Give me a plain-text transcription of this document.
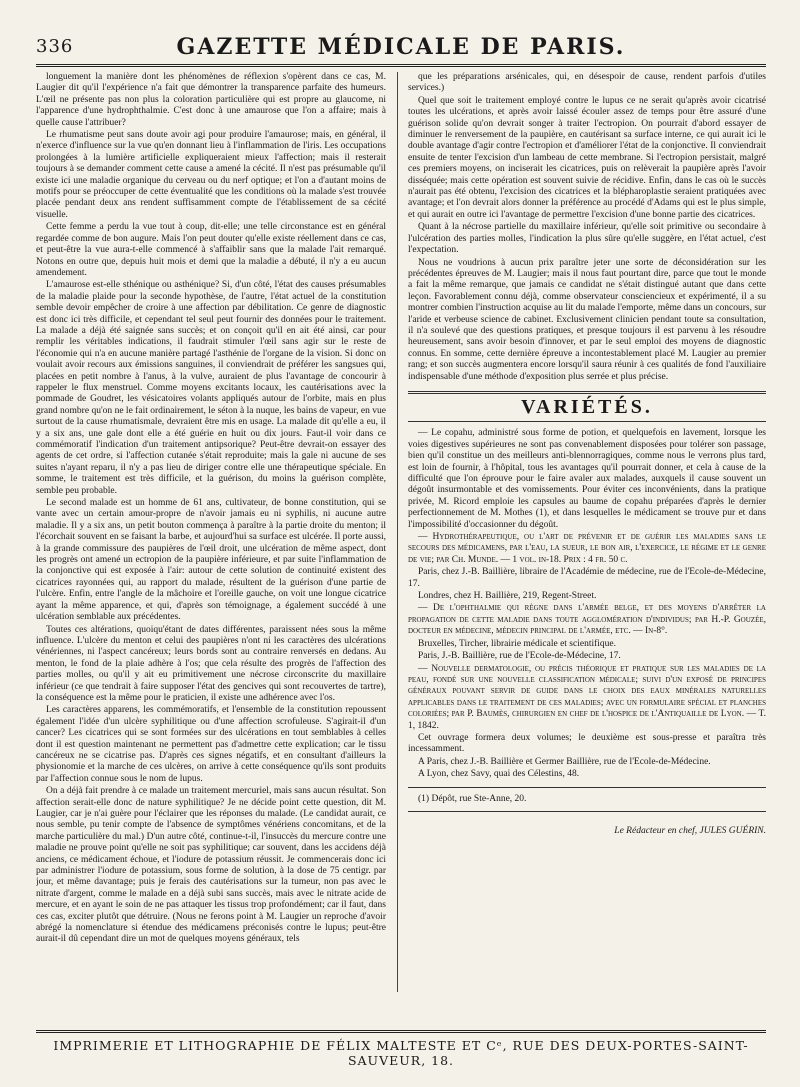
336	GAZETTE MÉDICALE DE PARIS.

longuement la manière dont les phénomènes de réflexion s'opèrent dans ce cas, M. Laugier dit qu'il l'expérience n'a fait que démontrer la transparence parfaite des humeurs. L'œil ne présente pas non plus la coloration particulière qui est propre au glaucome, ni l'apparence d'une hydrophthalmie. C'est donc à une amaurose que l'on a affaire; mais à quelle cause l'attribuer?

Le rhumatisme peut sans doute avoir agi pour produire l'amaurose; mais, en général, il n'exerce d'influence sur la vue qu'en donnant lieu à l'inflammation de l'iris. Les occupations prolongées à la lumière artificielle expliqueraient mieux l'affection; mais il resterait toujours à se demander comment cette cause a amené la cécité. Il n'est pas présumable qu'il existe ici une maladie organique du cerveau ou du nerf optique; et l'on a d'autant moins de motifs pour se préoccuper de cette éventualité que les conditions où la malade s'est trouvée placée pendant deux ans rendent suffisamment compte de l'établissement de sa cécité visuelle.

Cette femme a perdu la vue tout à coup, dit-elle; une telle circonstance est en général regardée comme de bon augure. Mais l'on peut douter qu'elle existe réellement dans ce cas, et peut-être la vue aura-t-elle commencé à s'affaiblir sans que la malade l'ait remarqué. Notons en outre que, depuis huit mois et demi que la maladie a débuté, il n'y a eu aucun amendement.

L'amaurose est-elle sthénique ou asthénique? Si, d'un côté, l'état des causes présumables de la maladie plaide pour la seconde hypothèse, de l'autre, l'état actuel de la constitution semble devoir empêcher de croire à une affection par débilitation. Ce genre de diagnostic est donc ici très difficile, et cependant tel seul peut fournir des données pour le traitement. La malade a déjà été saignée sans succès; et on conçoit qu'il en ait été ainsi, car pour remplir les véritables indications, il faudrait stimuler l'œil sans agir sur le reste de l'économie qui n'a en aucune manière partagé l'asthénie de l'organe de la vision. Si donc on voulait avoir recours aux émissions sanguines, il conviendrait de préférer les sangsues qui, placées en petit nombre à l'anus, à la vulve, auraient de plus l'avantage de concourir à rappeler le flux menstruel. Comme moyens excitants locaux, les cautérisations avec la pommade de Goudret, les vésicatoires volants appliqués autour de l'orbite, mais en plus grand nombre qu'on ne le fait ordinairement, le séton à la nuque, les bains de vapeur, en vue surtout de la cause rhumatismale, devraient être mis en usage. La malade dit qu'elle a eu, il y a six ans, une gale dont elle a été guérie en huit ou dix jours. Faut-il voir dans ce commémoratif l'indication d'un traitement antipsorique? Peut-être devrait-on essayer des agents de cet ordre, si l'affection cutanée s'était reproduite; mais la gale ni aucune de ses suites n'ayant reparu, il n'y a pas lieu de diriger contre elle une thérapeutique spéciale. En somme, le traitement est très difficile, et la guérison, du moins la guérison complète, semble peu probable.

Le second malade est un homme de 61 ans, cultivateur, de bonne constitution, qui se vante avec un certain amour-propre de n'avoir jamais eu ni syphilis, ni aucune autre maladie. Il y a six ans, un petit bouton commença à paraître à la partie droite du menton; il l'écorchait souvent en se faisant la barbe, et aujourd'hui sa surface est ulcérée. Il porte aussi, à la grande commissure des paupières de l'œil droit, une ulcération de même aspect, dont les progrès ont amené un ectropion de la paupière inférieure, et par suite l'inflammation de la conjonctive qui est exposée à l'air: autour de cette solution de continuité existent des cicatrices rayonnées qui, au rapport du malade, résultent de la guérison d'une partie de l'ulcère. Enfin, entre l'angle de la mâchoire et l'oreille gauche, on voit une longue cicatrice ayant la même apparence, et qui, d'après son témoignage, a également succédé à une ulcération semblable aux précédentes.

Toutes ces altérations, quoiqu'étant de dates différentes, paraissent nées sous la même influence. L'ulcère du menton et celui des paupières n'ont ni les caractères des ulcérations vénériennes, ni l'aspect cancéreux; leurs bords sont au contraire renversés en dedans. Au menton, le fond de la plaie adhère à l'os; que cela résulte des progrès de l'affection des parties molles, ou qu'il y ait eu primitivement une nécrose circonscrite du maxillaire inférieur (ce que tendrait à faire supposer l'état des gencives qui sont recouvertes de tartre), la conséquence est la même pour le praticien, il existe une adhérence avec l'os.

Les caractères apparens, les commémoratifs, et l'ensemble de la constitution repoussent également l'idée d'un ulcère syphilitique ou d'une affection scrofuleuse. S'agirait-il d'un cancer? Les cicatrices qui se sont formées sur des ulcérations en tout semblables à celles dont il est question maintenant ne permettent pas d'admettre cette explication; car le tissu cancéreux ne se cicatrise pas. D'après ces signes négatifs, et en consultant d'ailleurs la physionomie et la marche de ces ulcères, on arrive à cette conséquence qu'ils sont produits par l'affection connue sous le nom de lupus.

On a déjà fait prendre à ce malade un traitement mercuriel, mais sans aucun résultat. Son affection serait-elle donc de nature syphilitique? Je ne décide point cette question, dit M. Laugier, car je n'ai guère pour l'éclairer que les réponses du malade. (Le candidat aurait, ce nous semble, pu tenir compte de l'absence de symptômes vénériens concomitans, et de la marche particulière du mal.) D'un autre côté, continue-t-il, l'insuccès du mercure contre une maladie ne prouve point qu'elle ne soit pas syphilitique; car souvent, dans les accidens déjà anciens, ce médicament échoue, et l'iodure de potassium réussit. Je commencerais donc ici par administrer l'iodure de potassium, sous forme de solution, à la dose de 75 centigr. par jour, et même davantage; puis je ferais des cautérisations sur la tumeur, non pas avec le nitrate d'argent, comme le malade en a déjà subi sans succès, mais avec le nitrate acide de mercure, et en ayant le soin de ne pas attaquer les tissus trop profondément; car il faut, dans ces cas, exciter plutôt que détruire. (Nous ne ferons point à M. Laugier un reproche d'avoir abrégé la nomenclature si étendue des médicamens préconisés contre le lupus; peut-être aurait-il dû cependant dire un mot de quelques moyens généraux, tels

que les préparations arsénicales, qui, en désespoir de cause, rendent parfois d'utiles services.)

Quel que soit le traitement employé contre le lupus ce ne serait qu'après avoir cicatrisé toutes les ulcérations, et après avoir laissé écouler assez de temps pour être assuré d'une guérison solide qu'on devrait songer à traiter l'ectropion. On pourrait d'abord essayer de diminuer le renversement de la paupière, en cautérisant sa surface interne, ce qui aurait ici le double avantage d'agir contre l'ectropion et d'améliorer l'état de la conjonctive. Il conviendrait ensuite de tenter l'excision d'un lambeau de cette membrane. Si l'ectropion persistait, malgré ces premiers moyens, on inciserait les cicatrices, puis on relèverait la paupière après l'avoir disséquée; mais cette opération est souvent suivie de récidive. Enfin, dans le cas où le succès n'aurait pas été obtenu, l'excision des cicatrices et la blépharoplastie seraient pratiquées avec avantage; et l'on devrait alors donner la préférence au procédé d'Adams qui est le plus simple, et qui aurait en outre ici l'avantage de permettre l'excision d'une bonne partie des cicatrices.

Quant à la nécrose partielle du maxillaire inférieur, qu'elle soit primitive ou secondaire à l'ulcération des parties molles, l'indication la plus sûre qu'elle suggère, en l'état actuel, c'est l'expectation.

Nous ne voudrions à aucun prix paraître jeter une sorte de déconsidération sur les précédentes épreuves de M. Laugier; mais il nous faut pourtant dire, parce que tout le monde a fait la même remarque, que jamais ce candidat ne s'était distingué autant que dans cette leçon. Favorablement connu déjà, comme observateur consciencieux et expérimenté, il a su montrer combien l'instruction acquise au lit du malade l'emporte, même dans un concours, sur l'aride et verbeuse science de cabinet. Exclusivement clinicien pendant toute sa consultation, il n'a soulevé que des questions pratiques, et presque toujours il est parvenu à les résoudre heureusement, sans avoir besoin d'innover, et par le seul emploi des moyens de diagnostic connus. En somme, cette dernière épreuve a incontestablement placé M. Laugier au premier rang; et son succès augmentera encore lorsqu'il saura réunir à ces qualités de fond l'auxiliaire indispensable d'une méthode d'exposition plus serrée et plus précise.

VARIÉTÉS.

— Le copahu, administré sous forme de potion, et quelquefois en lavement, lorsque les voies digestives supérieures ne sont pas convenablement disposées pour tolérer son passage, bien qu'il constitue un des meilleurs anti-blennorragiques, comme nous le verrons plus tard, est loin de fournir, à l'hôpital, tous les avantages qu'il pourrait donner, et cela à cause de la difficulté que l'on éprouve pour le faire avaler aux malades, auxquels il cause souvent un dégoût insurmontable et des vomissements. Pour éviter ces inconvénients, dans la pratique privée, M. Ricord emploie les capsules au baume de copahu préparées d'après le dernier perfectionnement de M. Mothes (1), et dans lesquelles le médicament se trouve pur et dans l'impossibilité d'occasionner du dégoût.

— Hydrothérapeutique, ou l'art de prévenir et de guérir les maladies sans le secours des médicamens, par l'eau, la sueur, le bon air, l'exercice, le régime et le genre de vie; par Ch. Munde. — 1 vol. in-18. Prix : 4 fr. 50 c.

Paris, chez J.-B. Baillière, libraire de l'Académie de médecine, rue de l'Ecole-de-Médecine, 17.

Londres, chez H. Baillière, 219, Regent-Street.

— De l'ophthalmie qui règne dans l'armée belge, et des moyens d'arrêter la propagation de cette maladie dans toute agglomération d'individus; par H.-P. Gouzée, docteur en médecine, médecin principal de l'armée, etc. — In-8°.

Bruxelles, Tircher, librairie médicale et scientifique.

Paris, J.-B. Baillière, rue de l'Ecole-de-Médecine, 17.

— Nouvelle dermatologie, ou précis théorique et pratique sur les maladies de la peau, fondé sur une nouvelle classification médicale; suivi d'un exposé de principes généraux pouvant servir de guide dans le choix des eaux minérales naturelles applicables dans le traitement de ces maladies; avec un formulaire spécial et planches coloriées; par P. Baumès, chirurgien en chef de l'hospice de l'Antiquaille de Lyon. — T. 1, 1842.

Cet ouvrage formera deux volumes; le deuxième est sous-presse et paraîtra très incessamment.

A Paris, chez J.-B. Baillière et Germer Baillière, rue de l'Ecole-de-Médecine.

A Lyon, chez Savy, quai des Célestins, 48.

(1) Dépôt, rue Ste-Anne, 20.

Le Rédacteur en chef, JULES GUÉRIN.
IMPRIMERIE ET LITHOGRAPHIE DE FÉLIX MALTESTE ET Cᵉ, RUE DES DEUX-PORTES-SAINT-SAUVEUR, 18.
